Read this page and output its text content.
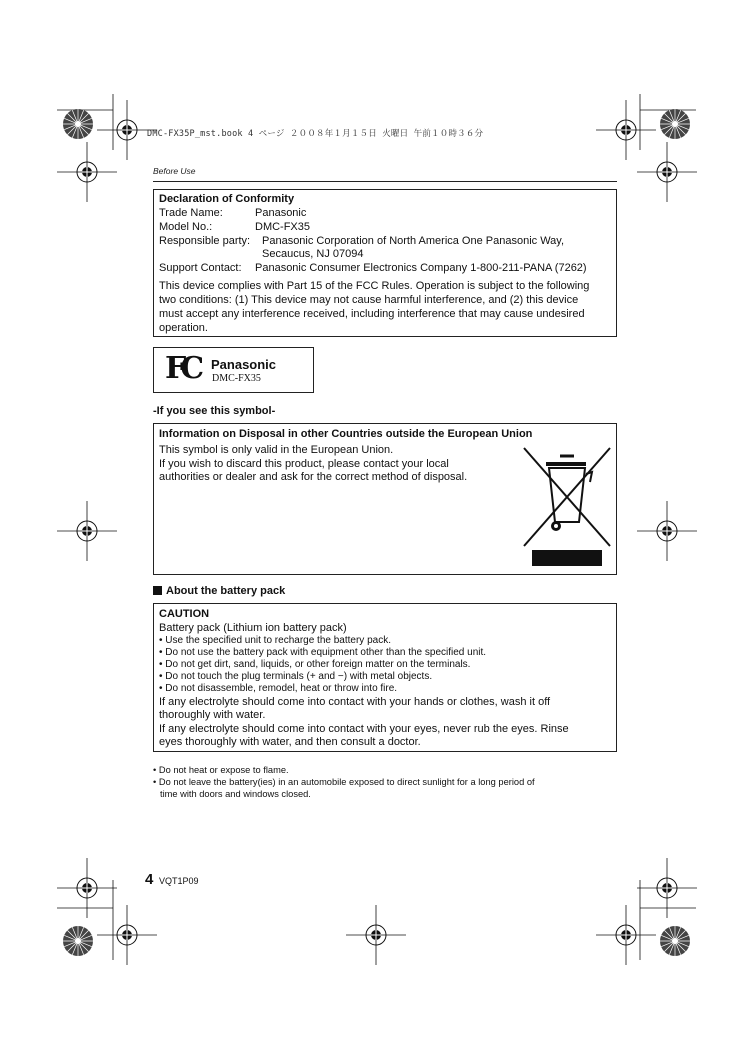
DMC-FX35P_mst.book 4 ページ ２００８年１月１５日 火曜日 午前１０時３６分
Before Use
Declaration of Conformity
Trade Name:	Panasonic
Model No.:	DMC-FX35
Responsible party: Panasonic Corporation of North America One Panasonic Way,
Secaucus, NJ 07094
Support Contact: Panasonic Consumer Electronics Company 1-800-211-PANA (7262)
This device complies with Part 15 of the FCC Rules. Operation is subject to the following
two conditions: (1) This device may not cause harmful interference, and (2) this device
must accept any interference received, including interference that may cause undesired
operation.
FC Panasonic
DMC-FX35
-If you see this symbol-
Information on Disposal in other Countries outside the European Union
This symbol is only valid in the European Union.
If you wish to discard this product, please contact your local
authorities or dealer and ask for the correct method of disposal.
About the battery pack
CAUTION
Battery pack (Lithium ion battery pack)
• Use the specified unit to recharge the battery pack.
• Do not use the battery pack with equipment other than the specified unit.
• Do not get dirt, sand, liquids, or other foreign matter on the terminals.
• Do not touch the plug terminals (+ and −) with metal objects.
• Do not disassemble, remodel, heat or throw into fire.
If any electrolyte should come into contact with your hands or clothes, wash it off
thoroughly with water.
If any electrolyte should come into contact with your eyes, never rub the eyes. Rinse
eyes thoroughly with water, and then consult a doctor.
• Do not heat or expose to flame.
• Do not leave the battery(ies) in an automobile exposed to direct sunlight for a long period of
time with doors and windows closed.
4 VQT1P09
